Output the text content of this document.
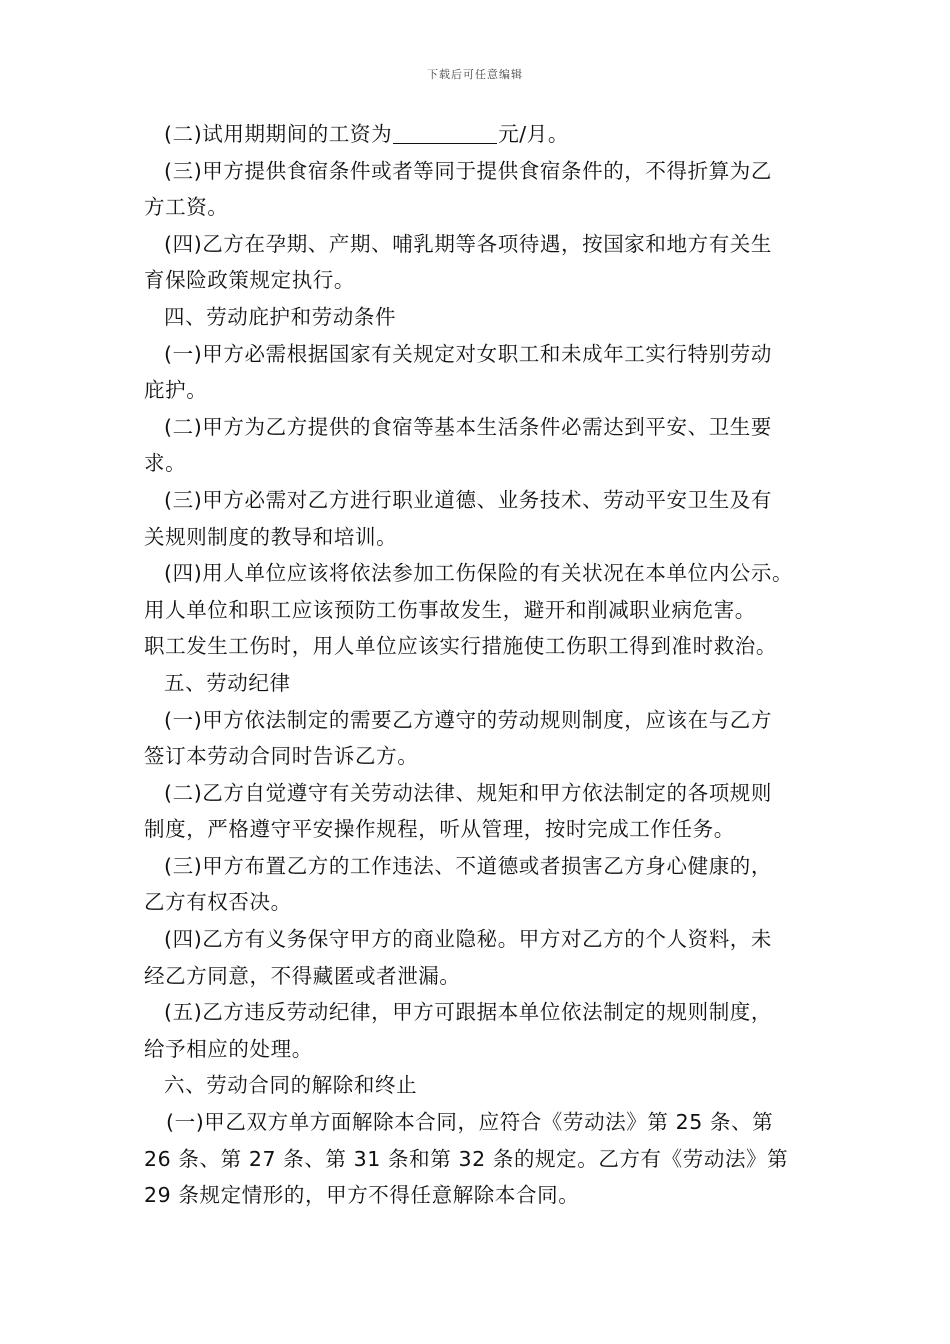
下载后可任意编辑
(二)试用期期间的工资为	元/月。
(三)甲方提供食宿条件或者等同于提供食宿条件的，不得折算为乙
方工资。
(四)乙方在孕期、产期、哺乳期等各项待遇，按国家和地方有关生
育保险政策规定执行。
四、劳动庇护和劳动条件
(一)甲方必需根据国家有关规定对女职工和未成年工实行特别劳动
庇护。
(二)甲方为乙方提供的食宿等基本生活条件必需达到平安、卫生要
求。
(三)甲方必需对乙方进行职业道德、业务技术、劳动平安卫生及有
关规则制度的教导和培训。
(四)用人单位应该将依法参加工伤保险的有关状况在本单位内公示。
用人单位和职工应该预防工伤事故发生，避开和削减职业病危害。
职工发生工伤时，用人单位应该实行措施使工伤职工得到准时救治。
五、劳动纪律
(一)甲方依法制定的需要乙方遵守的劳动规则制度，应该在与乙方
签订本劳动合同时告诉乙方。
(二)乙方自觉遵守有关劳动法律、规矩和甲方依法制定的各项规则
制度，严格遵守平安操作规程，听从管理，按时完成工作任务。
(三)甲方布置乙方的工作违法、不道德或者损害乙方身心健康的，
乙方有权否决。
(四)乙方有义务保守甲方的商业隐秘。甲方对乙方的个人资料，未
经乙方同意，不得藏匿或者泄漏。
(五)乙方违反劳动纪律，甲方可跟据本单位依法制定的规则制度，
给予相应的处理。
六、劳动合同的解除和终止
(一)甲乙双方单方面解除本合同，应符合《劳动法》第 25 条、第
26 条、第 27 条、第 31 条和第 32 条的规定。乙方有《劳动法》第
29 条规定情形的，甲方不得任意解除本合同。
